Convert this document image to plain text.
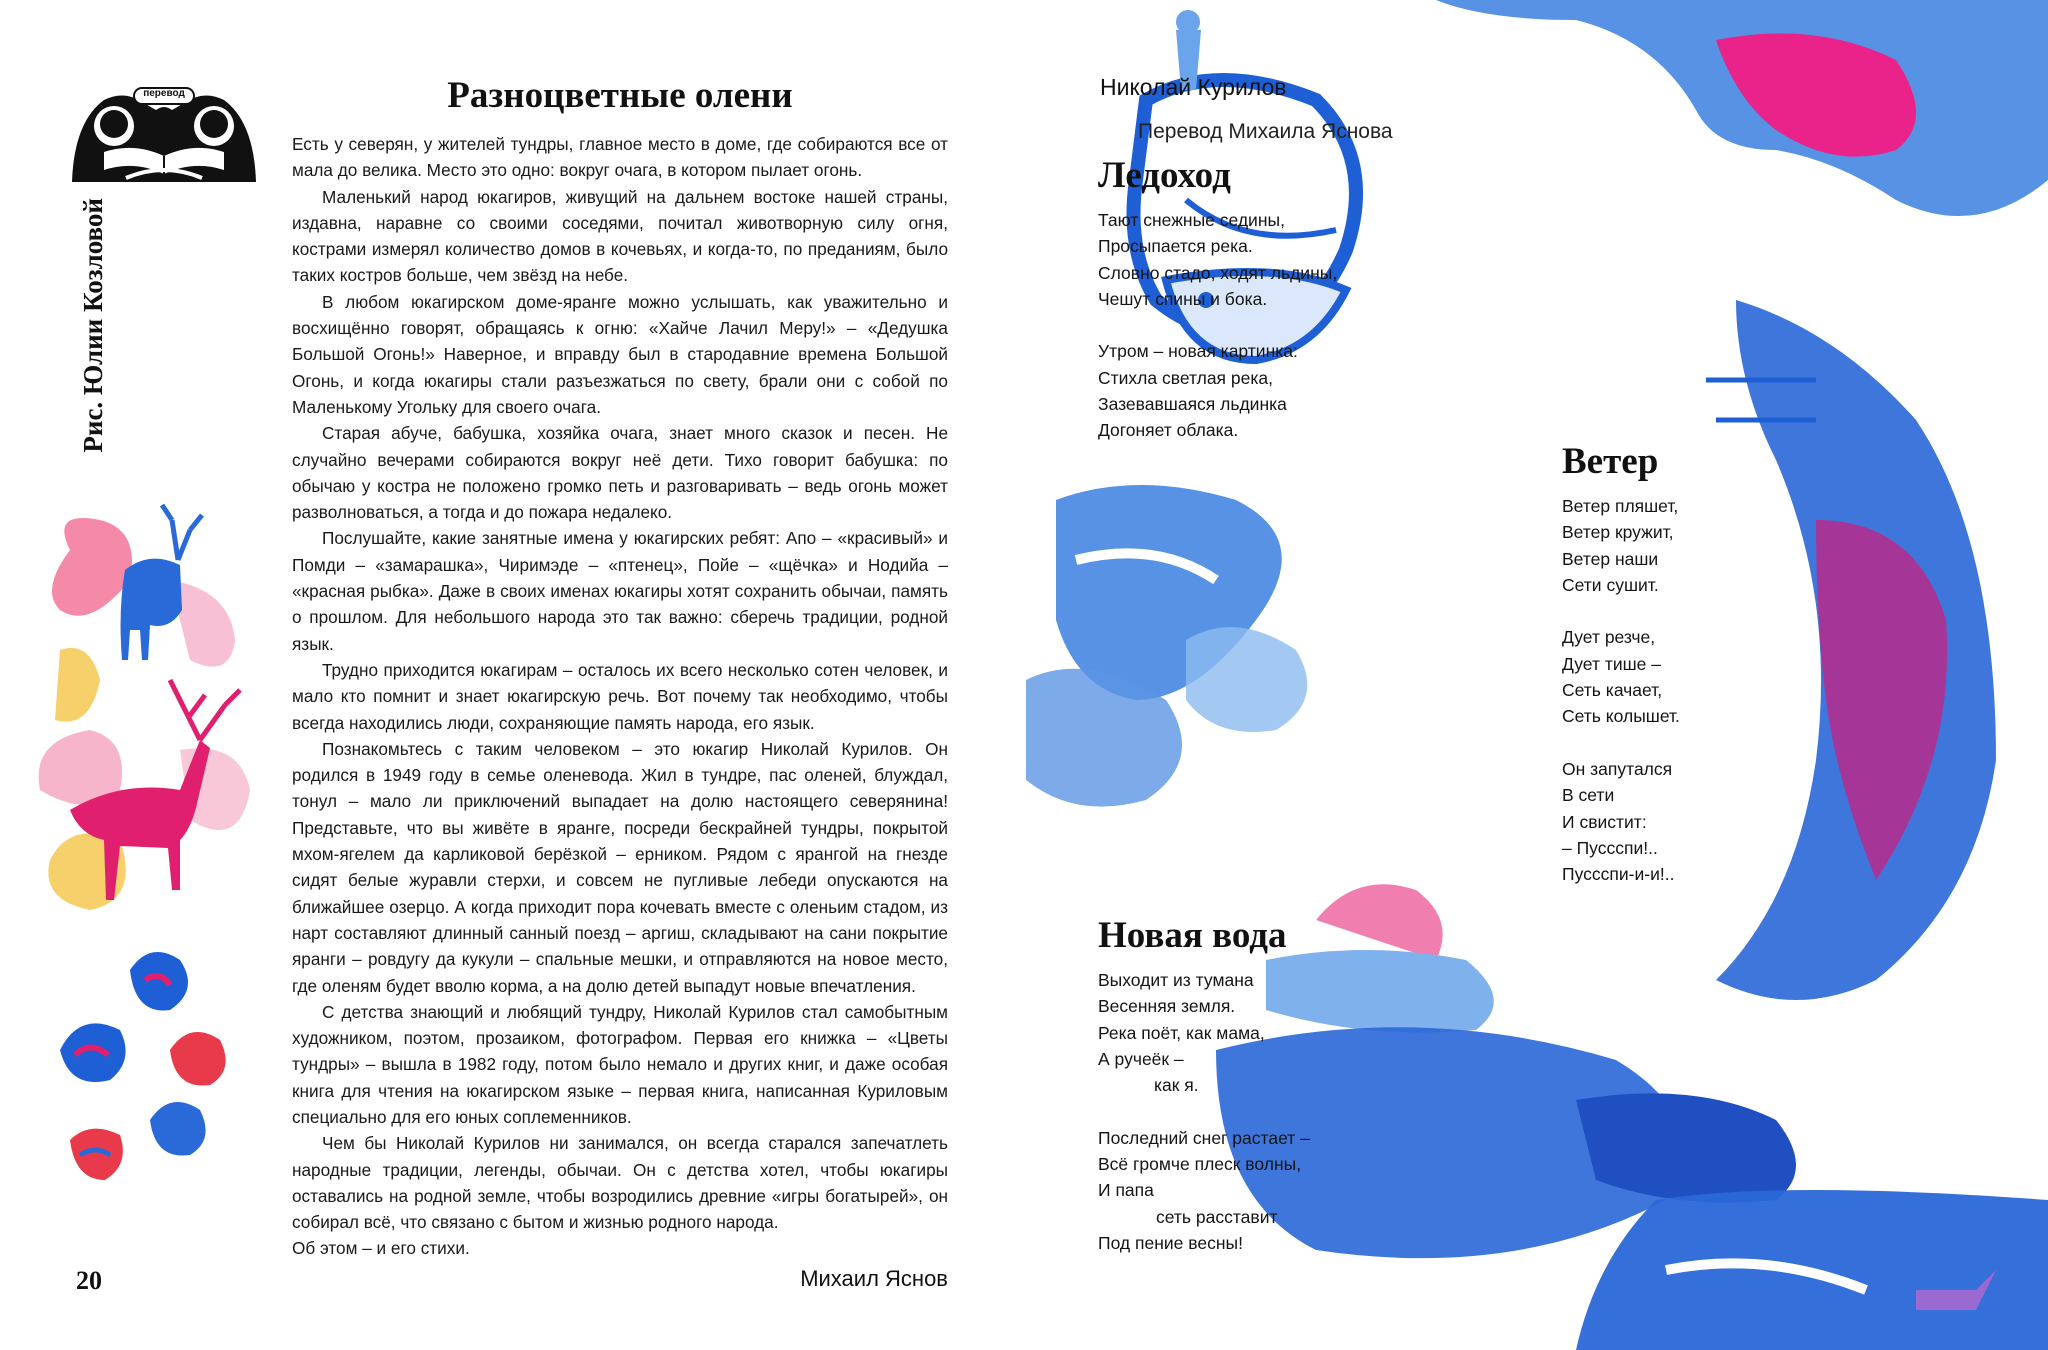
перевод
Рис. Юлии Козловой
20
Разноцветные олени

Есть у северян, у жителей тундры, главное место в доме, где собираются все от мала до велика. Место это одно: вокруг очага, в котором пылает огонь.

Маленький народ юкагиров, живущий на дальнем востоке нашей страны, издавна, наравне со своими соседями, почитал животворную силу огня, кострами измерял количество домов в кочевьях, и когда-то, по преданиям, было таких костров больше, чем звёзд на небе.

В любом юкагирском доме-яранге можно услышать, как уважительно и восхищённо говорят, обращаясь к огню: «Хайче Лачил Меру!» – «Дедушка Большой Огонь!» Наверное, и вправду был в стародавние времена Большой Огонь, и когда юкагиры стали разъезжаться по свету, брали они с собой по Маленькому Угольку для своего очага.

Старая абуче, бабушка, хозяйка очага, знает много сказок и песен. Не случайно вечерами собираются вокруг неё дети. Тихо говорит бабушка: по обычаю у костра не положено громко петь и разговаривать – ведь огонь может разволноваться, а тогда и до пожара недалеко.

Послушайте, какие занятные имена у юкагирских ребят: Апо – «красивый» и Помди – «замарашка», Чиримэде – «птенец», Пойе – «щёчка» и Нодийа – «красная рыбка». Даже в своих именах юкагиры хотят сохранить обычаи, память о прошлом. Для небольшого народа это так важно: сберечь традиции, родной язык.

Трудно приходится юкагирам – осталось их всего несколько сотен человек, и мало кто помнит и знает юкагирскую речь. Вот почему так необходимо, чтобы всегда находились люди, сохраняющие память народа, его язык.

Познакомьтесь с таким человеком – это юкагир Николай Курилов. Он родился в 1949 году в семье оленевода. Жил в тундре, пас оленей, блуждал, тонул – мало ли приключений выпадает на долю настоящего северянина! Представьте, что вы живёте в яранге, посреди бескрайней тундры, покрытой мхом-ягелем да карликовой берёзкой – ерником. Рядом с ярангой на гнезде сидят белые журавли стерхи, и совсем не пугливые лебеди опускаются на ближайшее озерцо. А когда приходит пора кочевать вместе с оленьим стадом, из нарт составляют длинный санный поезд – аргиш, складывают на сани покрытие яранги – ровдугу да кукули – спальные мешки, и отправляются на новое место, где оленям будет вволю корма, а на долю детей выпадут новые впечатления.

С детства знающий и любящий тундру, Николай Курилов стал самобытным художником, поэтом, прозаиком, фотографом. Первая его книжка – «Цветы тундры» – вышла в 1982 году, потом было немало и других книг, и даже особая книга для чтения на юкагирском языке – первая книга, написанная Куриловым специально для его юных соплеменников.

Чем бы Николай Курилов ни занимался, он всегда старался запечатлеть народные традиции, легенды, обычаи. Он с детства хотел, чтобы юкагиры оставались на родной земле, чтобы возродились древние «игры богатырей», он собирал всё, что связано с бытом и жизнью родного народа.

Об этом – и его стихи.

Михаил Яснов
Николай Курилов
Перевод Михаила Яснова
Ледоход
Тают снежные седины,
Просыпается река.
Словно стадо, ходят льдины,
Чешут спины и бока.
Утром – новая картинка:
Стихла светлая река,
Зазевавшаяся льдинка
Догоняет облака.
Ветер
Ветер пляшет,
Ветер кружит,
Ветер наши
Сети сушит.
Дует резче,
Дует тише –
Сеть качает,
Сеть колышет.
Он запутался
В сети
И свистит:
– Пуссспи!..
Пуссспи-и-и!..
Новая вода
Выходит из тумана
Весенняя земля.
Река поёт, как мама,
А ручеёк –
как я.
Последний снег растает –
Всё громче плеск волны,
И папа
сеть расставит
Под пение весны!
